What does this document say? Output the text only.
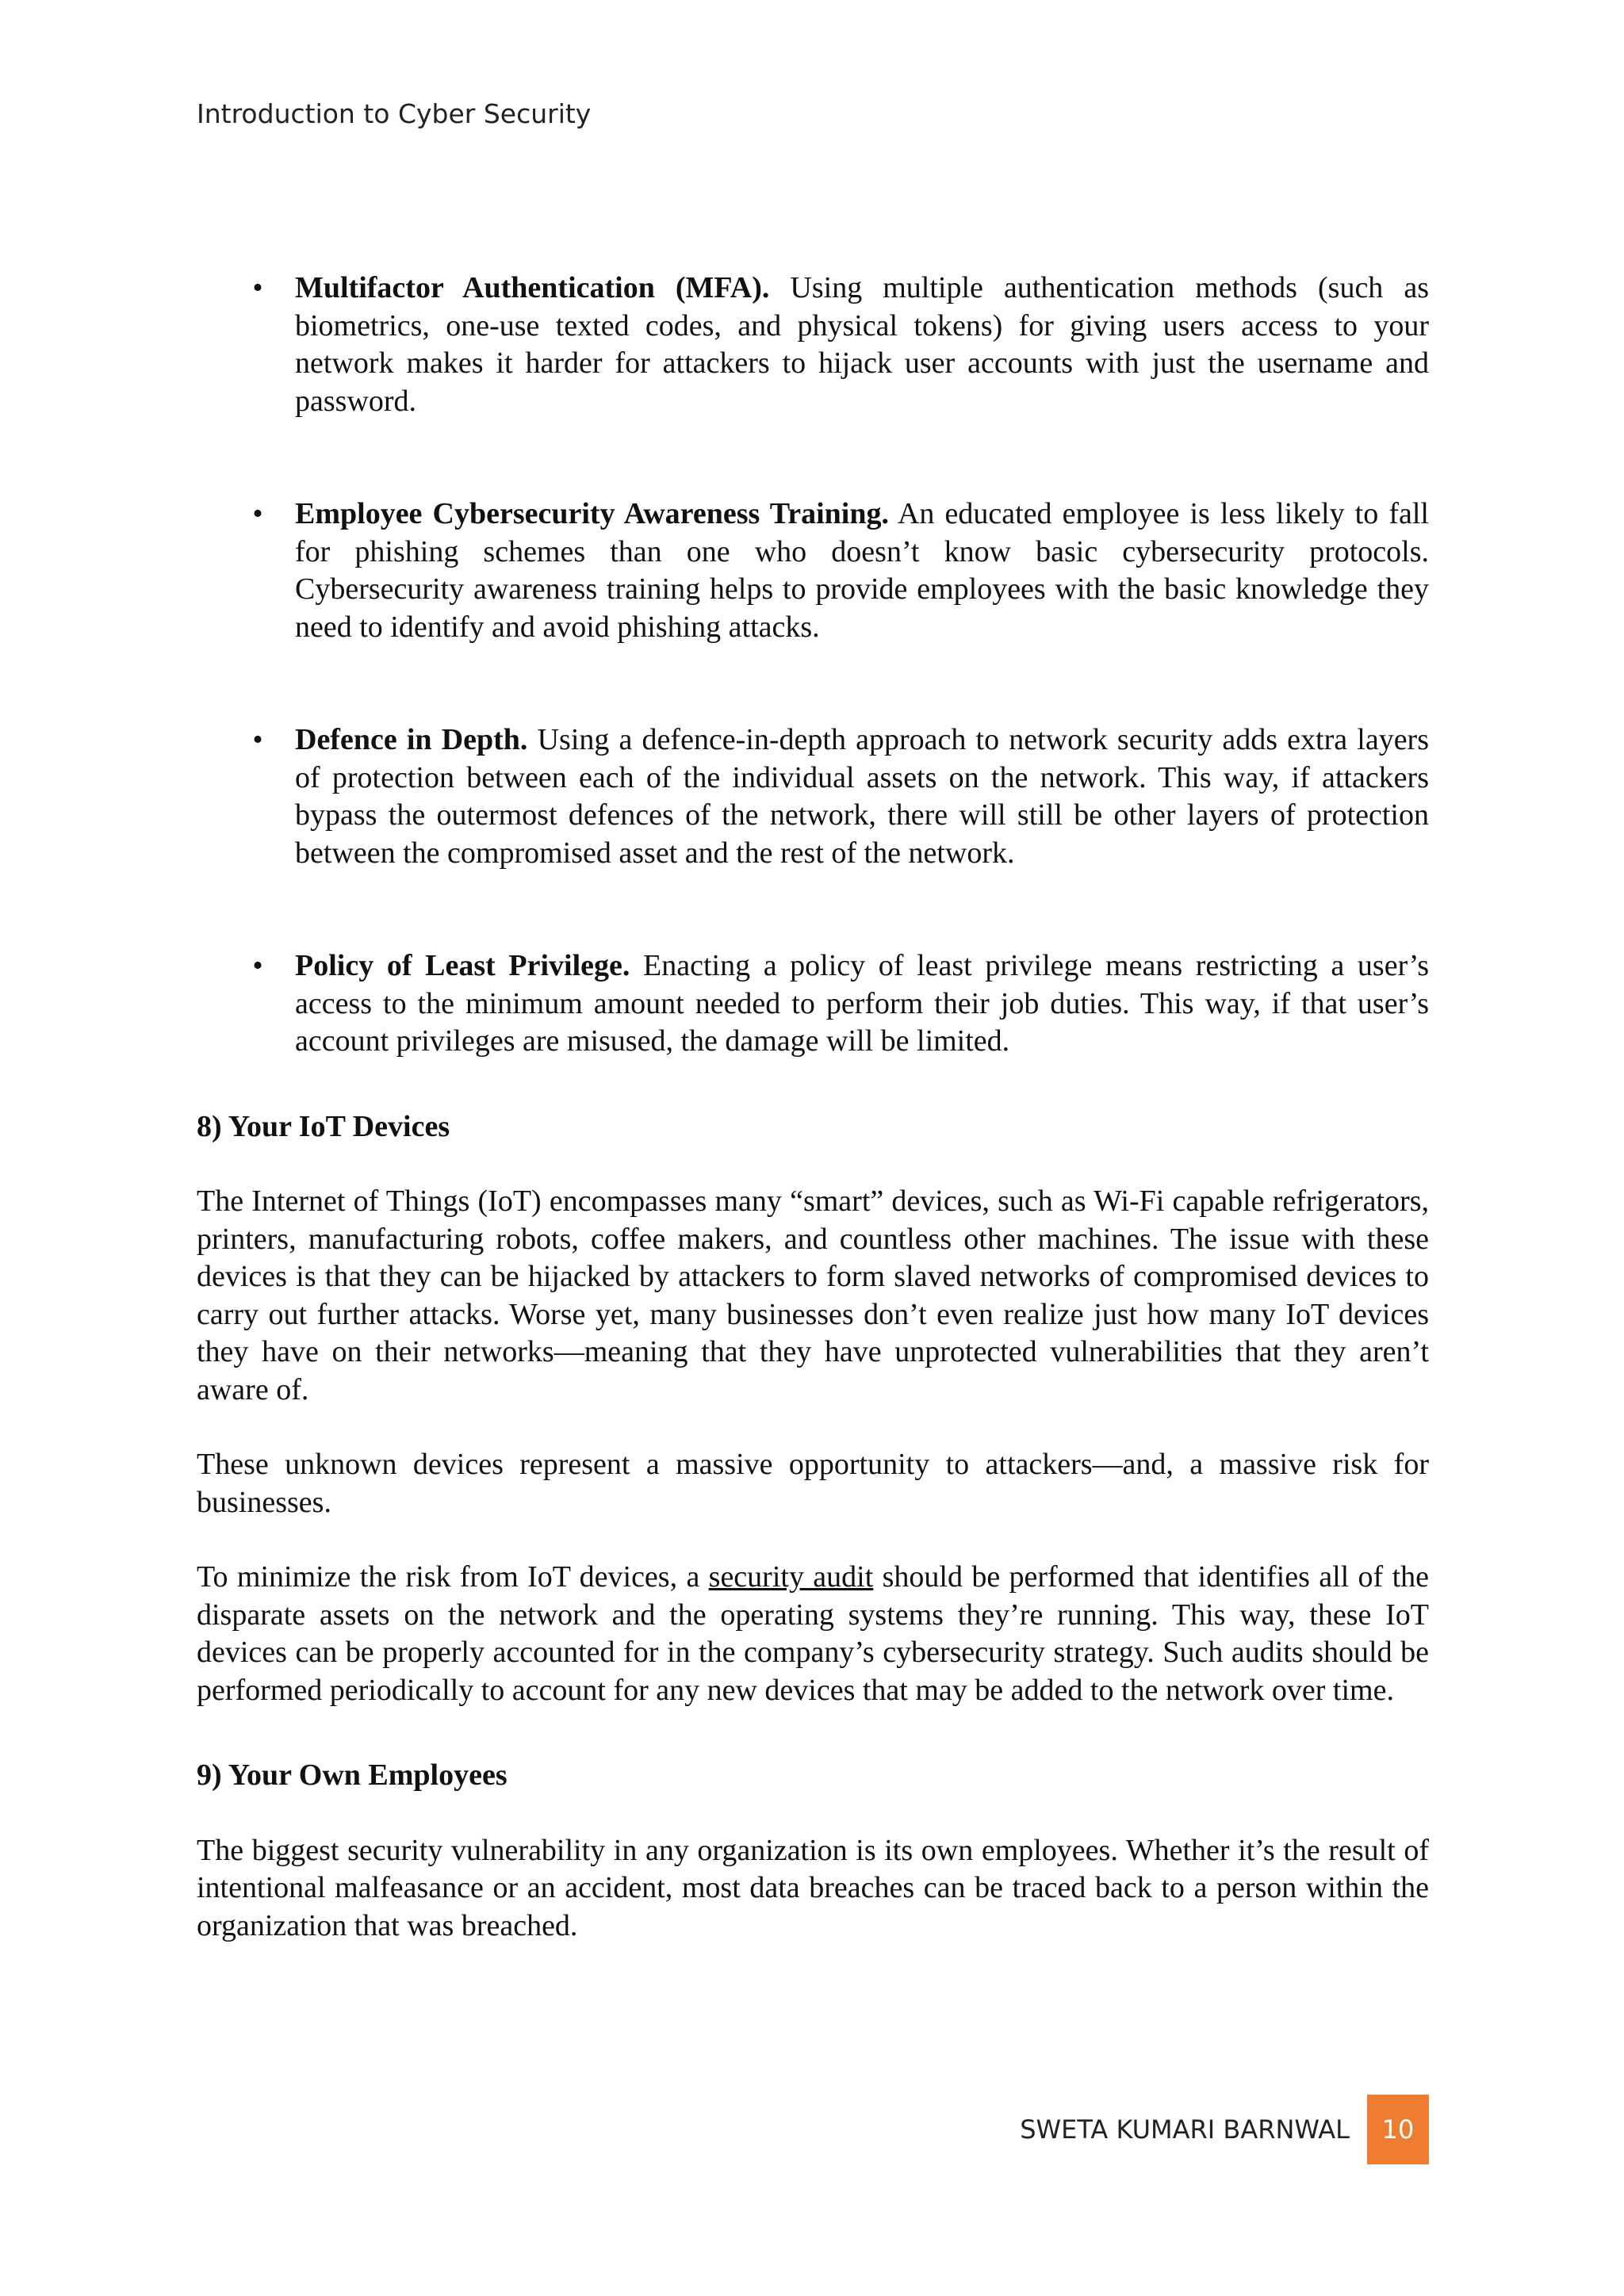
Introduction to Cyber Security
• Multifactor Authentication (MFA). Using multiple authentication methods (such as biometrics, one-use texted codes, and physical tokens) for giving users access to your network makes it harder for attackers to hijack user accounts with just the username and password.
• Employee Cybersecurity Awareness Training. An educated employee is less likely to fall for phishing schemes than one who doesn’t know basic cybersecurity protocols. Cybersecurity awareness training helps to provide employees with the basic knowledge they need to identify and avoid phishing attacks.
• Defence in Depth. Using a defence-in-depth approach to network security adds extra layers of protection between each of the individual assets on the network. This way, if attackers bypass the outermost defences of the network, there will still be other layers of protection between the compromised asset and the rest of the network.
• Policy of Least Privilege. Enacting a policy of least privilege means restricting a user’s access to the minimum amount needed to perform their job duties. This way, if that user’s account privileges are misused, the damage will be limited.
8) Your IoT Devices

The Internet of Things (IoT) encompasses many “smart” devices, such as Wi-Fi capable refrigerators, printers, manufacturing robots, coffee makers, and countless other machines. The issue with these devices is that they can be hijacked by attackers to form slaved networks of compromised devices to carry out further attacks. Worse yet, many businesses don’t even realize just how many IoT devices they have on their networks—meaning that they have unprotected vulnerabilities that they aren’t aware of.

These unknown devices represent a massive opportunity to attackers—and, a massive risk for businesses.

To minimize the risk from IoT devices, a security audit should be performed that identifies all of the disparate assets on the network and the operating systems they’re running. This way, these IoT devices can be properly accounted for in the company’s cybersecurity strategy. Such audits should be performed periodically to account for any new devices that may be added to the network over time.

9) Your Own Employees

The biggest security vulnerability in any organization is its own employees. Whether it’s the result of intentional malfeasance or an accident, most data breaches can be traced back to a person within the organization that was breached.

SWETA KUMARI BARNWAL	10
